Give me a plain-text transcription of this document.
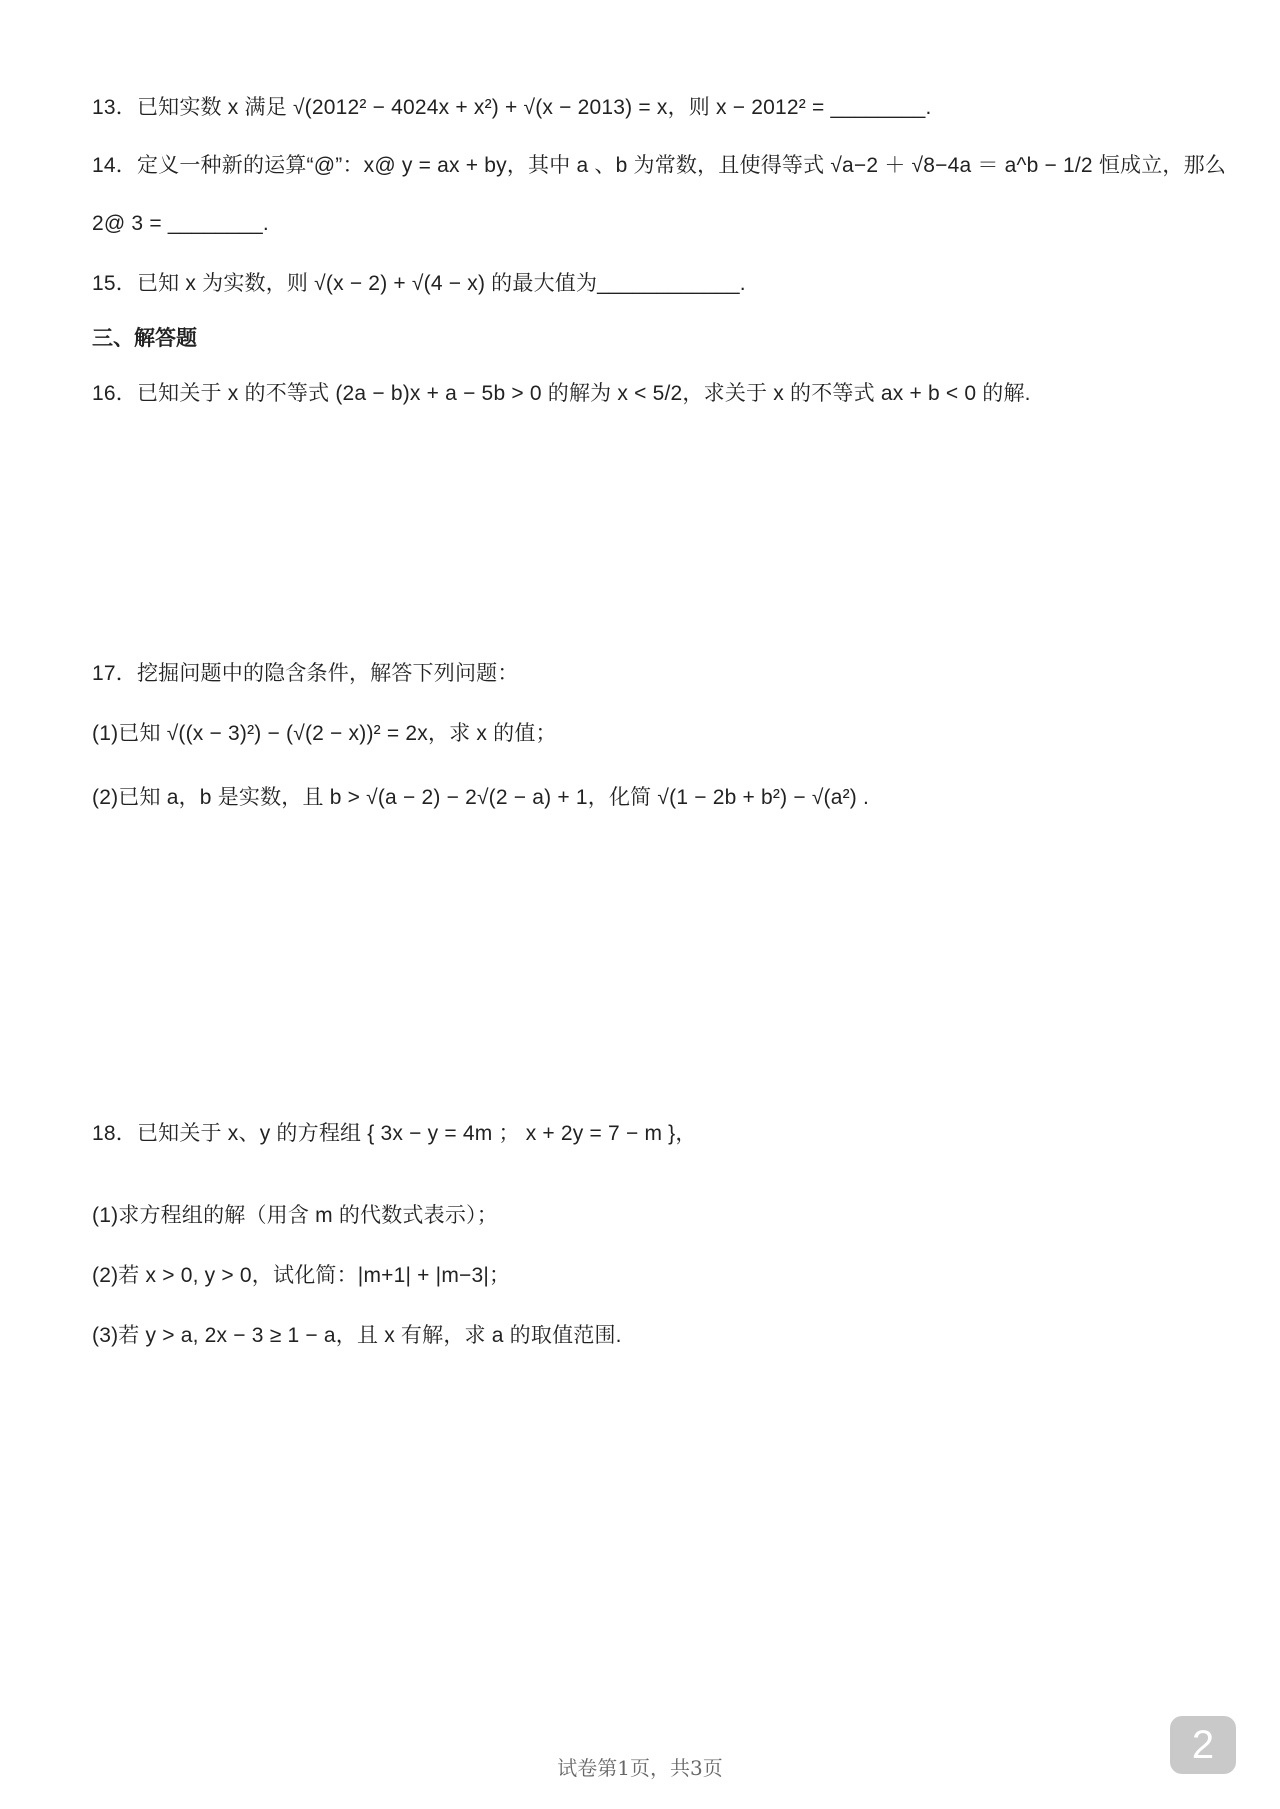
13．已知实数 x 满足 √(2012² − 4024x + x²) + √(x − 2013) = x，则 x − 2012² = ________.
14．定义一种新的运算“@”：x@ y = ax + by，其中 a 、b 为常数，且使得等式 √a−2 ＋ √8−4a ＝ a^b − 1/2 恒成立，那么
2@ 3 = ________.
15．已知 x 为实数，则 √(x − 2) + √(4 − x) 的最大值为____________.
三、解答题
16．已知关于 x 的不等式 (2a − b)x + a − 5b > 0 的解为 x < 5/2，求关于 x 的不等式 ax + b < 0 的解.
17．挖掘问题中的隐含条件，解答下列问题：
(1)已知 √((x − 3)²) − (√(2 − x))² = 2x，求 x 的值；
(2)已知 a，b 是实数，且 b > √(a − 2) − 2√(2 − a) + 1，化简 √(1 − 2b + b²) − √(a²) .
18．已知关于 x、y 的方程组 { 3x − y = 4m ； x + 2y = 7 − m }，
(1)求方程组的解（用含 m 的代数式表示）；
(2)若 x > 0, y > 0，试化简：|m+1| + |m−3|；
(3)若 y > a, 2x − 3 ≥ 1 − a，且 x 有解，求 a 的取值范围.
试卷第1页，共3页
2
